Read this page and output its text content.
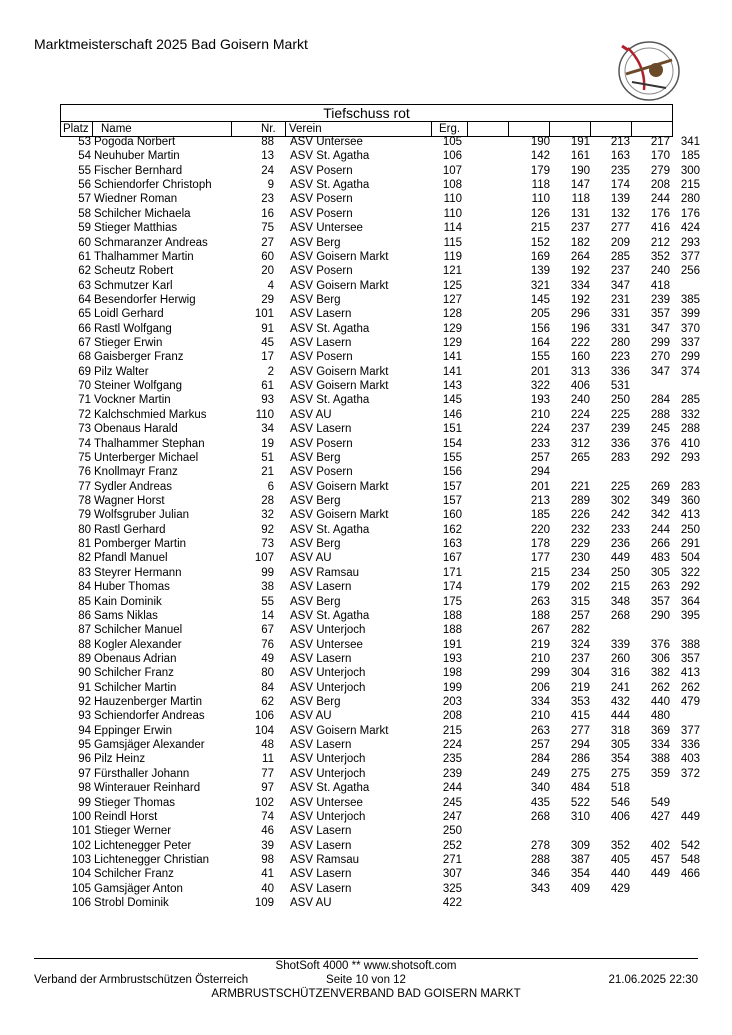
Marktmeisterschaft 2025 Bad Goisern Markt
Tiefschuss rot
Platz Name	Nr. Verein	Erg.
53 Pogoda Norbert	88 ASV Untersee	105	190	191	213	217 341
54 Neuhuber Martin	13 ASV St. Agatha	106	142	161	163	170 185
55 Fischer Bernhard	24 ASV Posern	107	179	190	235	279 300
56 Schiendorfer Christoph	9 ASV St. Agatha	108	118	147	174	208 215
57 Wiedner Roman	23 ASV Posern	110	110	118	139	244 280
58 Schilcher Michaela	16 ASV Posern	110	126	131	132	176 176
59 Stieger Matthias	75 ASV Untersee	114	215	237	277	416 424
60 Schmaranzer Andreas	27 ASV Berg	115	152	182	209	212 293
61 Thalhammer Martin	60 ASV Goisern Markt	119	169	264	285	352 377
62 Scheutz Robert	20 ASV Posern	121	139	192	237	240 256
63 Schmutzer Karl	4 ASV Goisern Markt	125	321	334	347	418
64 Besendorfer Herwig	29 ASV Berg	127	145	192	231	239 385
65 Loidl Gerhard	101 ASV Lasern	128	205	296	331	357 399
66 Rastl Wolfgang	91 ASV St. Agatha	129	156	196	331	347 370
67 Stieger Erwin	45 ASV Lasern	129	164	222	280	299 337
68 Gaisberger Franz	17 ASV Posern	141	155	160	223	270 299
69 Pilz Walter	2 ASV Goisern Markt	141	201	313	336	347 374
70 Steiner Wolfgang	61 ASV Goisern Markt	143	322	406	531
71 Vockner Martin	93 ASV St. Agatha	145	193	240	250	284 285
72 Kalchschmied Markus	110 ASV AU	146	210	224	225	288 332
73 Obenaus Harald	34 ASV Lasern	151	224	237	239	245 288
74 Thalhammer Stephan	19 ASV Posern	154	233	312	336	376 410
75 Unterberger Michael	51 ASV Berg	155	257	265	283	292 293
76 Knollmayr Franz	21 ASV Posern	156	294
77 Sydler Andreas	6 ASV Goisern Markt	157	201	221	225	269 283
78 Wagner Horst	28 ASV Berg	157	213	289	302	349 360
79 Wolfsgruber Julian	32 ASV Goisern Markt	160	185	226	242	342 413
80 Rastl Gerhard	92 ASV St. Agatha	162	220	232	233	244 250
81 Pomberger Martin	73 ASV Berg	163	178	229	236	266 291
82 Pfandl Manuel	107 ASV AU	167	177	230	449	483 504
83 Steyrer Hermann	99 ASV Ramsau	171	215	234	250	305 322
84 Huber Thomas	38 ASV Lasern	174	179	202	215	263 292
85 Kain Dominik	55 ASV Berg	175	263	315	348	357 364
86 Sams Niklas	14 ASV St. Agatha	188	188	257	268	290 395
87 Schilcher Manuel	67 ASV Unterjoch	188	267	282
88 Kogler Alexander	76 ASV Untersee	191	219	324	339	376 388
89 Obenaus Adrian	49 ASV Lasern	193	210	237	260	306 357
90 Schilcher Franz	80 ASV Unterjoch	198	299	304	316	382 413
91 Schilcher Martin	84 ASV Unterjoch	199	206	219	241	262 262
92 Hauzenberger Martin	62 ASV Berg	203	334	353	432	440 479
93 Schiendorfer Andreas	106 ASV AU	208	210	415	444	480
94 Eppinger Erwin	104 ASV Goisern Markt	215	263	277	318	369 377
95 Gamsjäger Alexander	48 ASV Lasern	224	257	294	305	334 336
96 Pilz Heinz	11 ASV Unterjoch	235	284	286	354	388 403
97 Fürsthaller Johann	77 ASV Unterjoch	239	249	275	275	359 372
98 Winterauer Reinhard	97 ASV St. Agatha	244	340	484	518
99 Stieger Thomas	102 ASV Untersee	245	435	522	546	549
100 Reindl Horst	74 ASV Unterjoch	247	268	310	406	427 449
101 Stieger Werner	46 ASV Lasern	250
102 Lichtenegger Peter	39 ASV Lasern	252	278	309	352	402 542
103 Lichtenegger Christian	98 ASV Ramsau	271	288	387	405	457 548
104 Schilcher Franz	41 ASV Lasern	307	346	354	440	449 466
105 Gamsjäger Anton	40 ASV Lasern	325	343	409	429
106 Strobl Dominik	109 ASV AU	422
ShotSoft 4000 ** www.shotsoft.com
Verband der Armbrustschützen Österreich	Seite 10 von 12	21.06.2025 22:30
ARMBRUSTSCHÜTZENVERBAND BAD GOISERN MARKT
